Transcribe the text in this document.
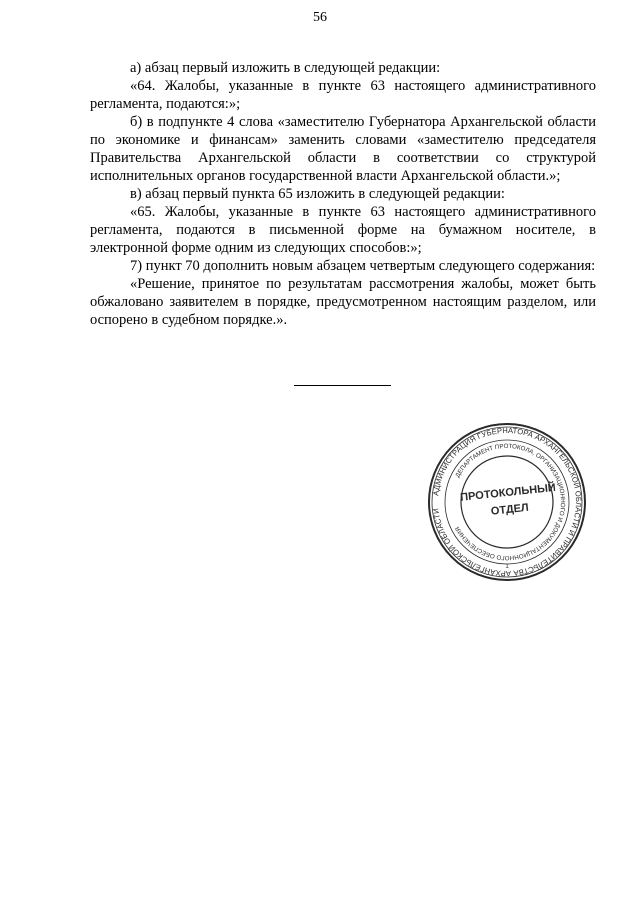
56

а) абзац первый изложить в следующей редакции:

«64. Жалобы, указанные в пункте 63 настоящего административного регламента, подаются:»;

б) в подпункте 4 слова «заместителю Губернатора Архангельской области по экономике и финансам» заменить словами «заместителю председателя Правительства Архангельской области в соответствии со структурой исполнительных органов государственной власти Архангельской области.»;

в) абзац первый пункта 65 изложить в следующей редакции:

«65. Жалобы, указанные в пункте 63 настоящего административного регламента, подаются в письменной форме на бумажном носителе, в электронной форме одним из следующих способов:»;

7) пункт 70 дополнить новым абзацем четвертым следующего содержания:

«Решение, принятое по результатам рассмотрения жалобы, может быть обжаловано заявителем в порядке, предусмотренном настоящим разделом, или оспорено в судебном порядке.».

АДМИНИСТРАЦИЯ ГУБЕРНАТОРА АРХАНГЕЛЬСКОЙ ОБЛАСТИ И ПРАВИТЕЛЬСТВА АРХАНГЕЛЬСКОЙ ОБЛАСТИ
ДЕПАРТАМЕНТ ПРОТОКОЛА, ОРГАНИЗАЦИОННОГО И ДОКУМЕНТАЦИОННОГО ОБЕСПЕЧЕНИЯ
ПРОТОКОЛЬНЫЙ
ОТДЕЛ
1
